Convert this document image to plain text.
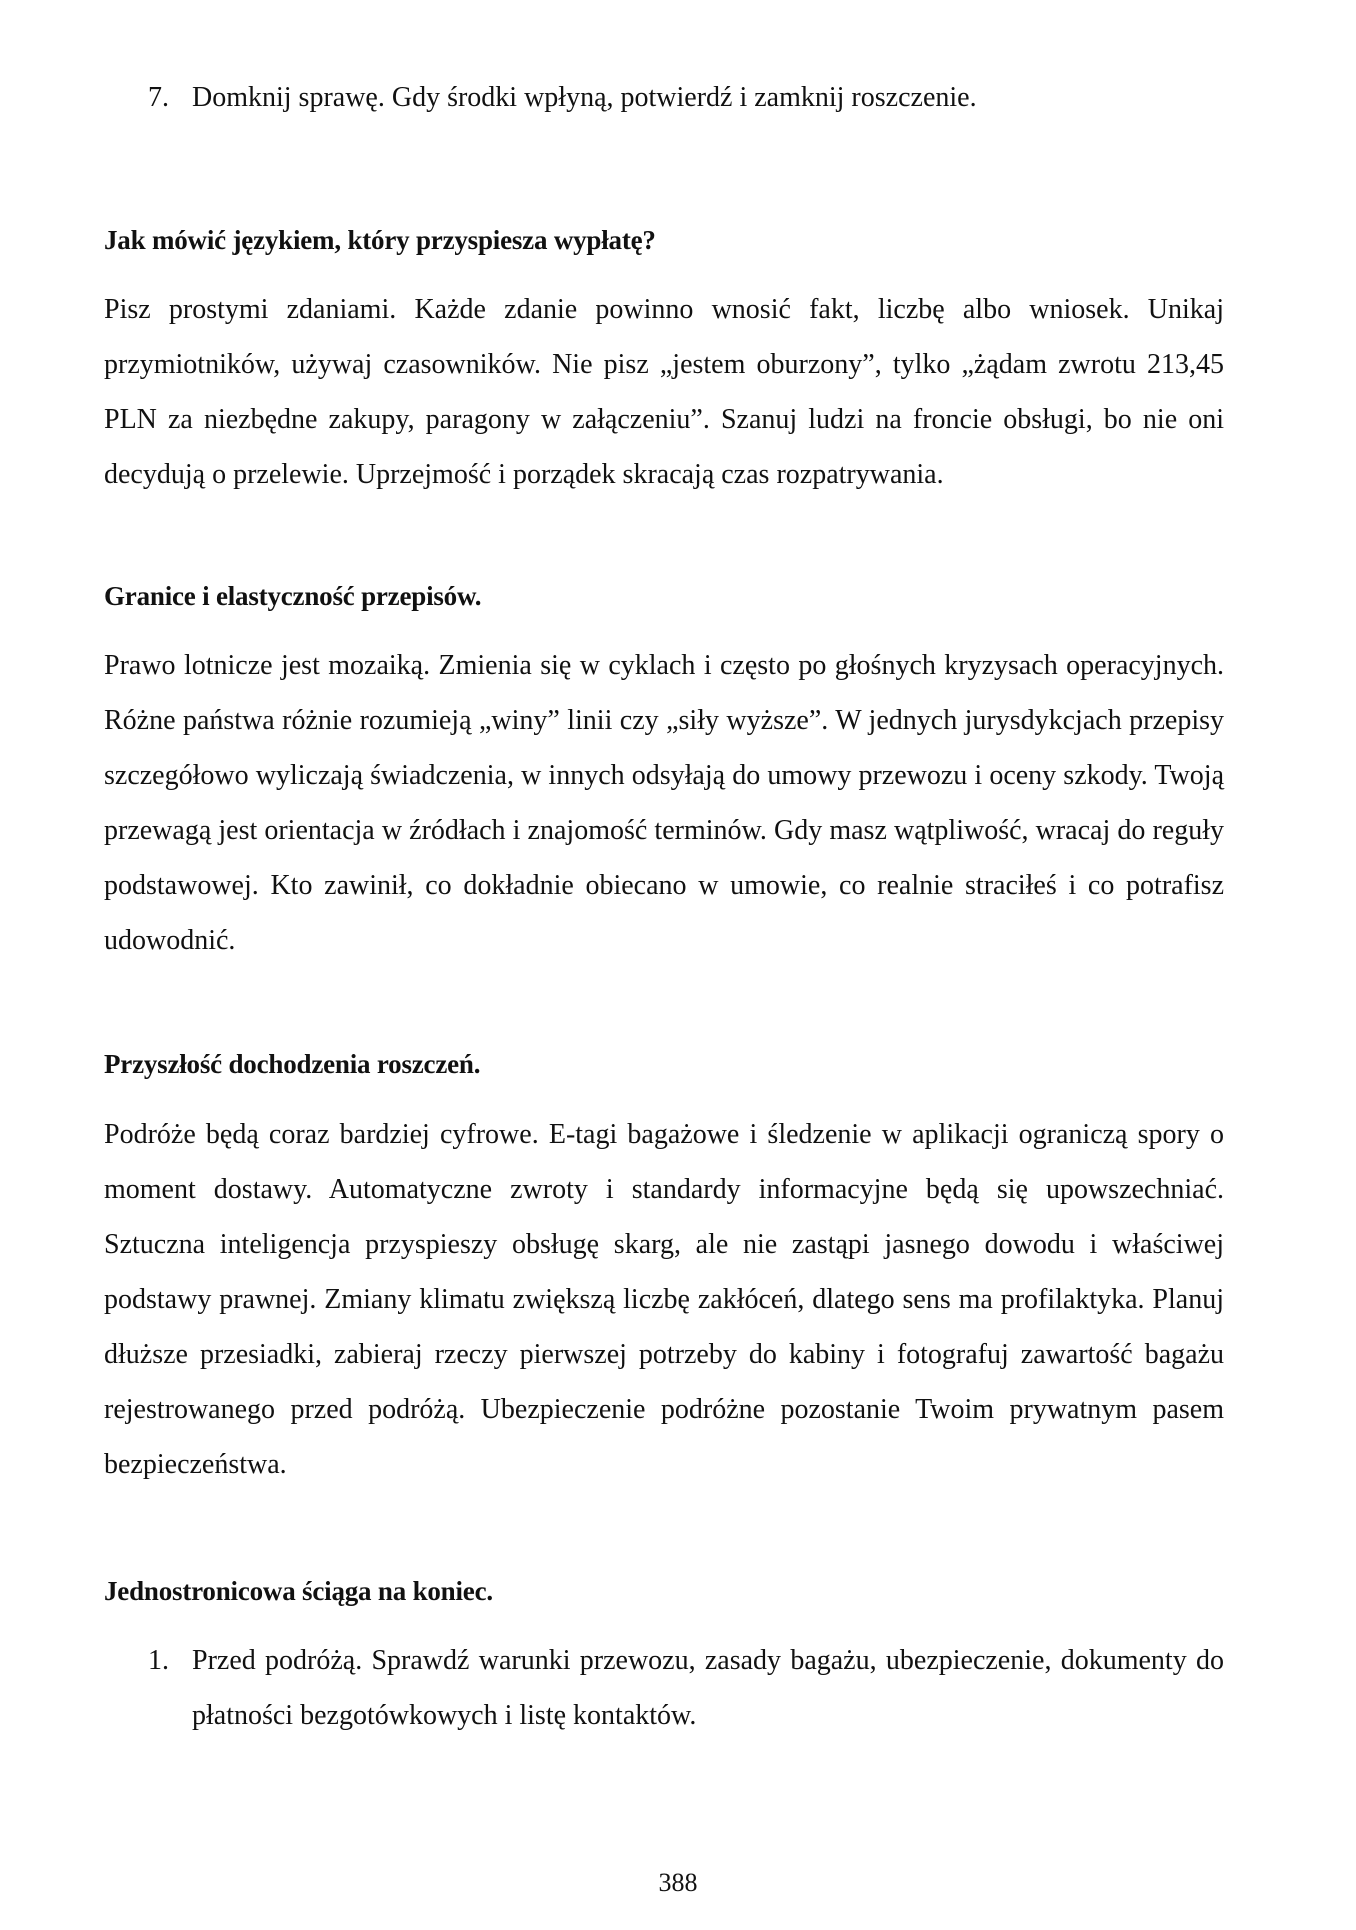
7. Domknij sprawę. Gdy środki wpłyną, potwierdź i zamknij roszczenie.
Jak mówić językiem, który przyspiesza wypłatę?
Pisz prostymi zdaniami. Każde zdanie powinno wnosić fakt, liczbę albo wniosek. Unikaj przymiotników, używaj czasowników. Nie pisz „jestem oburzony”, tylko „żądam zwrotu 213,45 PLN za niezbędne zakupy, paragony w załączeniu”. Szanuj ludzi na froncie obsługi, bo nie oni decydują o przelewie. Uprzejmość i porządek skracają czas rozpatrywania.
Granice i elastyczność przepisów.
Prawo lotnicze jest mozaiką. Zmienia się w cyklach i często po głośnych kryzysach operacyjnych. Różne państwa różnie rozumieją „winy” linii czy „siły wyższe”. W jednych jurysdykcjach przepisy szczegółowo wyliczają świadczenia, w innych odsyłają do umowy przewozu i oceny szkody. Twoją przewagą jest orientacja w źródłach i znajomość terminów. Gdy masz wątpliwość, wracaj do reguły podstawowej. Kto zawinił, co dokładnie obiecano w umowie, co realnie straciłeś i co potrafisz udowodnić.
Przyszłość dochodzenia roszczeń.
Podróże będą coraz bardziej cyfrowe. E-tagi bagażowe i śledzenie w aplikacji ograniczą spory o moment dostawy. Automatyczne zwroty i standardy informacyjne będą się upowszechniać. Sztuczna inteligencja przyspieszy obsługę skarg, ale nie zastąpi jasnego dowodu i właściwej podstawy prawnej. Zmiany klimatu zwiększą liczbę zakłóceń, dlatego sens ma profilaktyka. Planuj dłuższe przesiadki, zabieraj rzeczy pierwszej potrzeby do kabiny i fotografuj zawartość bagażu rejestrowanego przed podróżą. Ubezpieczenie podróżne pozostanie Twoim prywatnym pasem bezpieczeństwa.
Jednostronicowa ściąga na koniec.
1. Przed podróżą. Sprawdź warunki przewozu, zasady bagażu, ubezpieczenie, dokumenty do płatności bezgotówkowych i listę kontaktów.
388
